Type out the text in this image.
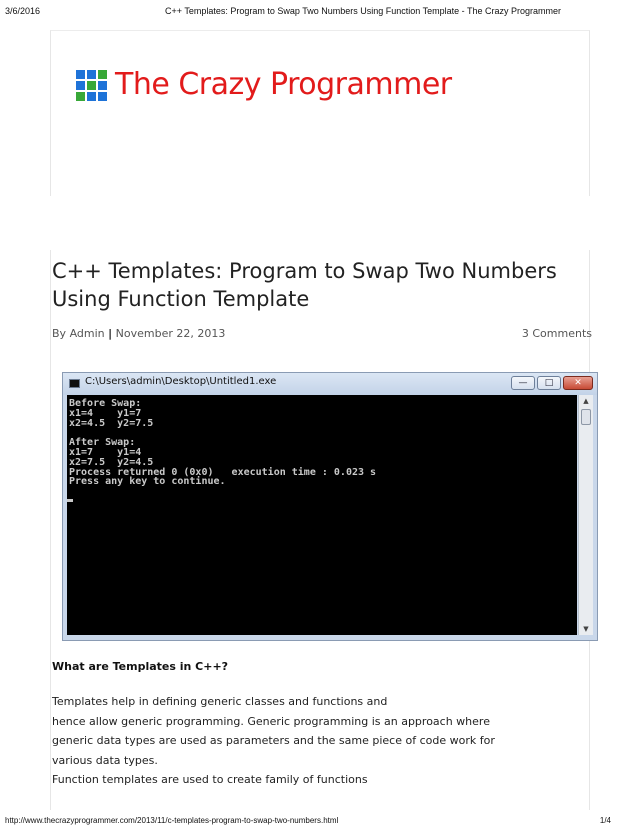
3/6/2016	C++ Templates: Program to Swap Two Numbers Using Function Template - The Crazy Programmer
The Crazy Programmer
C++ Templates: Program to Swap Two Numbers
Using Function Template
By Admin | November 22, 2013	3 Comments
C:\Users\admin\Desktop\Untitled1.exe	—	□	✕
Before Swap:
x1=4    y1=7
x2=4.5  y2=7.5

After Swap:
x1=7    y1=4
x2=7.5  y2=4.5
Process returned 0 (0x0)   execution time : 0.023 s
Press any key to continue.
▲
▼
What are Templates in C++?
Templates help in defining generic classes and functions and
hence allow generic programming. Generic programming is an approach where
generic data types are used as parameters and the same piece of code work for
various data types.
Function templates are used to create family of functions
http://www.thecrazyprogrammer.com/2013/11/c-templates-program-to-swap-two-numbers.html	1/4
